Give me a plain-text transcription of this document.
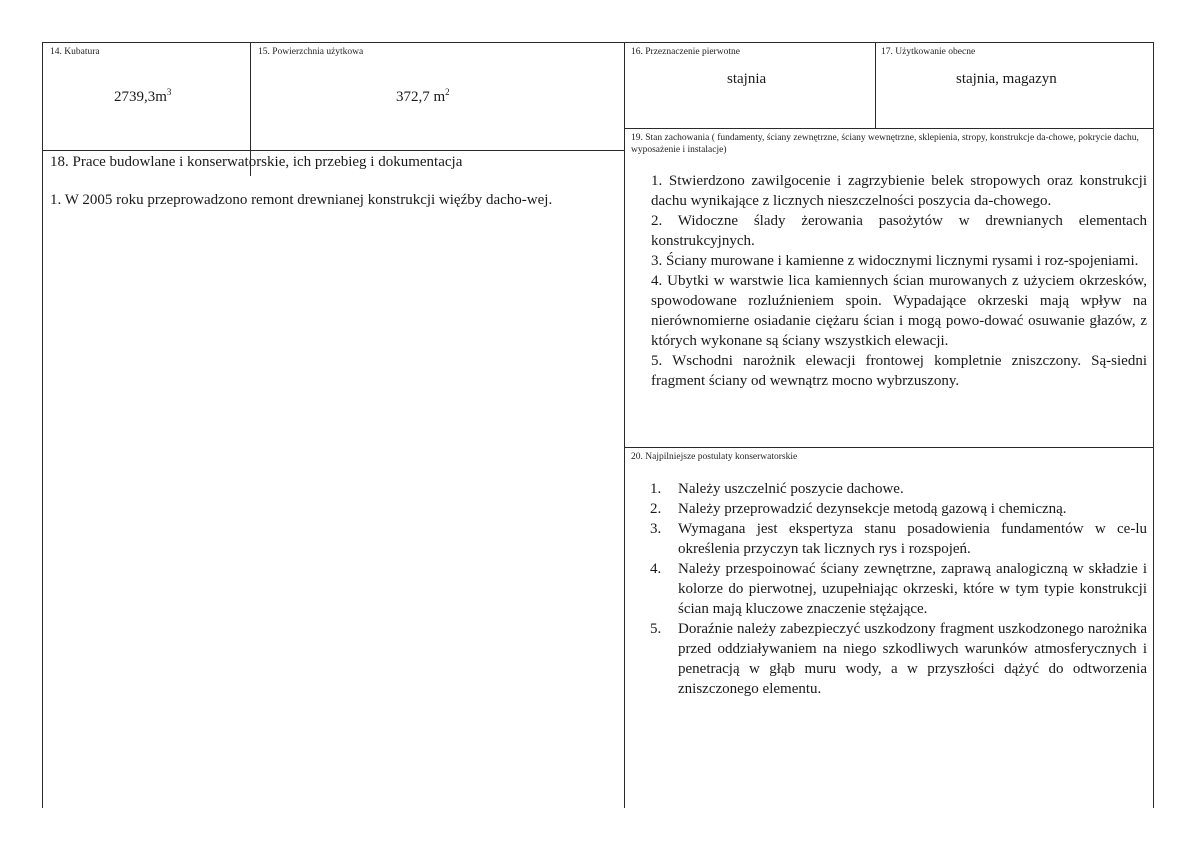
14. Kubatura
$2739,3m^3$
15. Powierzchnia użytkowa
372,7 $m^2$
16. Przeznaczenie pierwotne
stajnia
17. Użytkowanie obecne
stajnia, magazyn
18. Prace budowlane i konserwatorskie, ich przebieg i dokumentacja

1. W 2005 roku przeprowadzono remont drewnianej konstrukcji więźby dacho-wej.

19. Stan zachowania ( fundamenty, ściany zewnętrzne, ściany wewnętrzne, sklepienia, stropy, konstrukcje da-chowe, pokrycie dachu, wyposażenie i instalacje)

1. Stwierdzono zawilgocenie i zagrzybienie belek stropowych oraz konstrukcji dachu wynikające z licznych nieszczelności poszycia da-chowego.

2. Widoczne ślady żerowania pasożytów w drewnianych elementach konstrukcyjnych.

3. Ściany murowane i kamienne z widocznymi licznymi rysami i roz-spojeniami.

4. Ubytki w warstwie lica kamiennych ścian murowanych z użyciem okrzesków, spowodowane rozluźnieniem spoin. Wypadające okrzeski mają wpływ na nierównomierne osiadanie ciężaru ścian i mogą powo-dować osuwanie głazów, z których wykonane są ściany wszystkich elewacji.

5. Wschodni narożnik elewacji frontowej kompletnie zniszczony. Są-siedni fragment ściany od wewnątrz mocno wybrzuszony.

20. Najpilniejsze postulaty konserwatorskie
1. Należy uszczelnić poszycie dachowe.
2. Należy przeprowadzić dezynsekcje metodą gazową i chemiczną.
3. Wymagana jest ekspertyza stanu posadowienia fundamentów w ce-lu określenia przyczyn tak licznych rys i rozspojeń.
4. Należy przespoinować ściany zewnętrzne, zaprawą analogiczną w składzie i kolorze do pierwotnej, uzupełniając okrzeski, które w tym typie konstrukcji ścian mają kluczowe znaczenie stężające.
5. Doraźnie należy zabezpieczyć uszkodzony fragment uszkodzonego narożnika przed oddziaływaniem na niego szkodliwych warunków atmosferycznych i penetracją w głąb muru wody, a w przyszłości dążyć do odtworzenia zniszczonego elementu.
